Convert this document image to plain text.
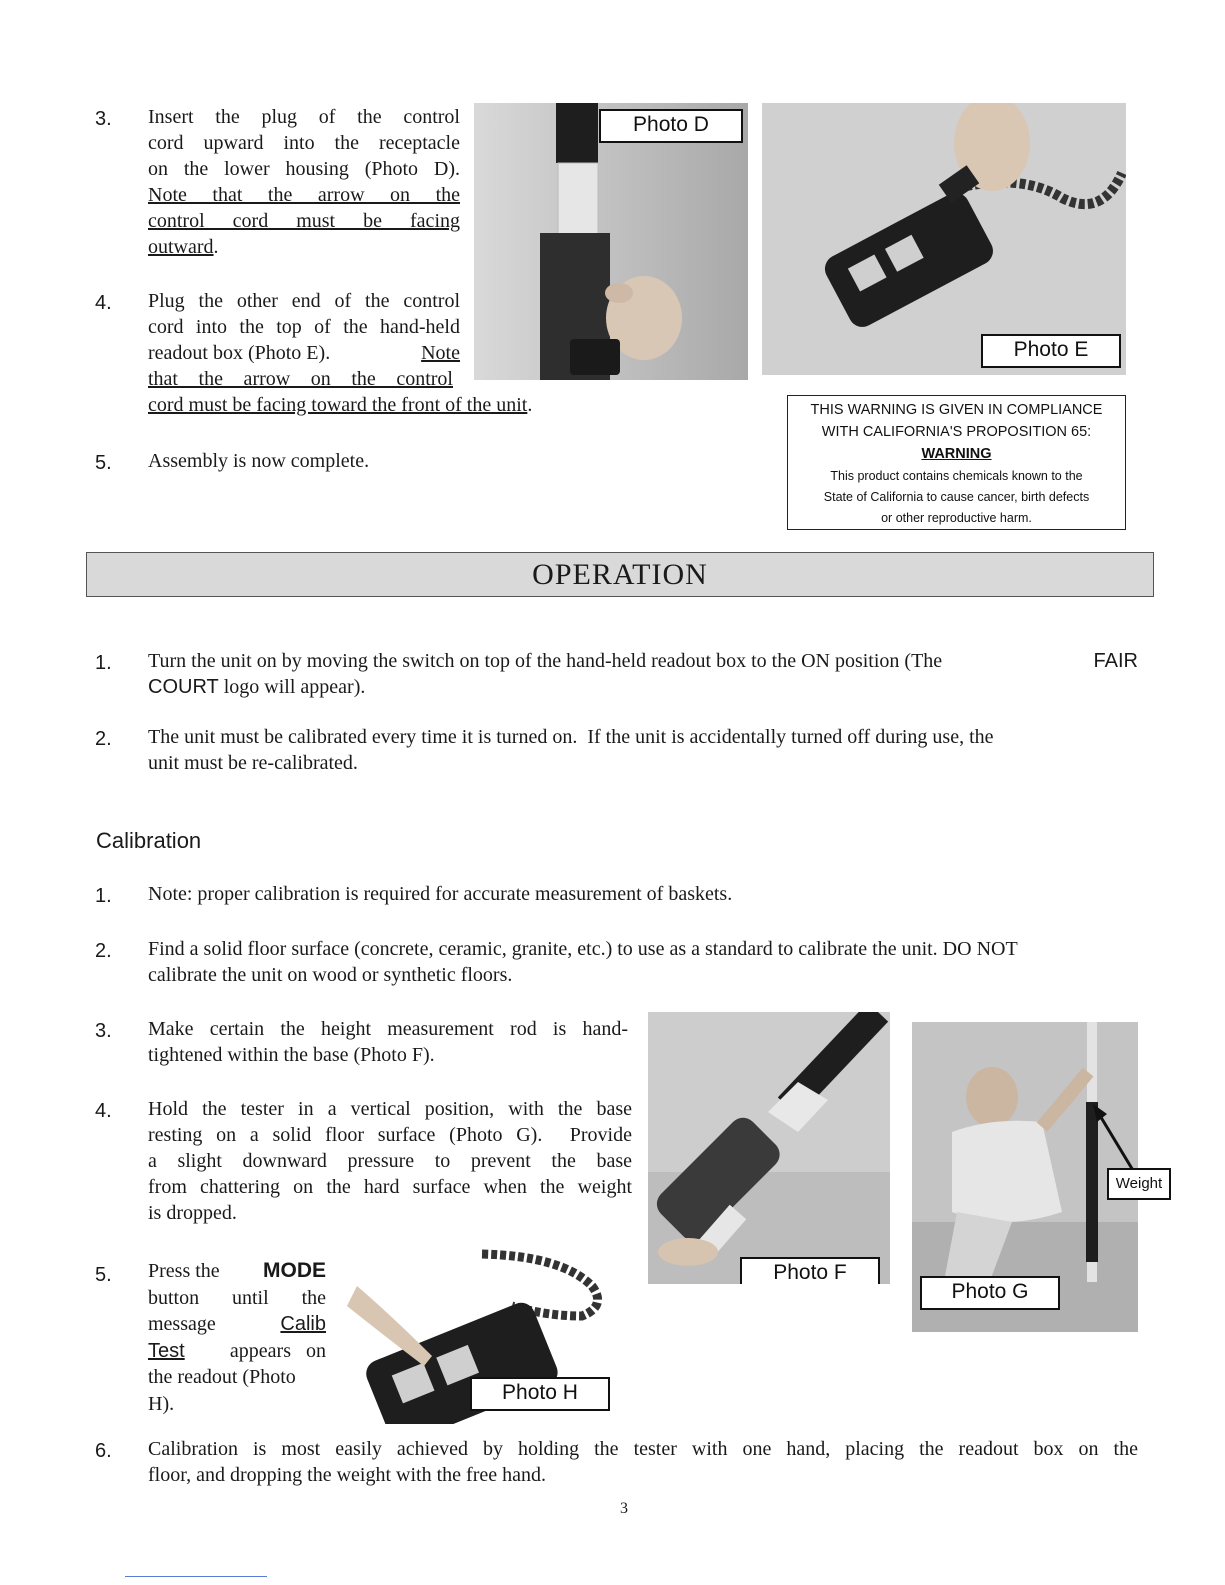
3. Insert the plug of the control
cord upward into the receptacle
on the lower housing (Photo D).
Note that the arrow on the
control cord must be facing
outward.
4. Plug the other end of the control
cord into the top of the hand-held
readout box (Photo E).	Note
that the arrow on the control
cord must be facing toward the front of the unit.
5. Assembly is now complete.
Photo D
Photo E
THIS WARNING IS GIVEN IN COMPLIANCE
WITH CALIFORNIA'S PROPOSITION 65:
WARNING
This product contains chemicals known to the
State of California to cause cancer, birth defects
or other reproductive harm.
OPERATION
1. Turn the unit on by moving the switch on top of the hand-held readout box to the ON position (The	FAIR
COURT logo will appear).
2. The unit must be calibrated every time it is turned on.  If the unit is accidentally turned off during use, the
unit must be re-calibrated.
Calibration
1. Note: proper calibration is required for accurate measurement of baskets.
2. Find a solid floor surface (concrete, ceramic, granite, etc.) to use as a standard to calibrate the unit. DO NOT
calibrate the unit on wood or synthetic floors.
3. Make certain the height measurement rod is hand-
tightened within the base (Photo F).
4. Hold the tester in a vertical position, with the base
resting on a solid floor surface (Photo G).  Provide
a slight downward pressure to prevent the base
from chattering on the hard surface when the weight
is dropped.
5. Press the MODE
button until the
message	Calib
Test appears on
the readout (Photo
H).	Photo H
Photo F
Photo G
Weight
6. Calibration is most easily achieved by holding the tester with one hand, placing the readout box on the
floor, and dropping the weight with the free hand.
3
